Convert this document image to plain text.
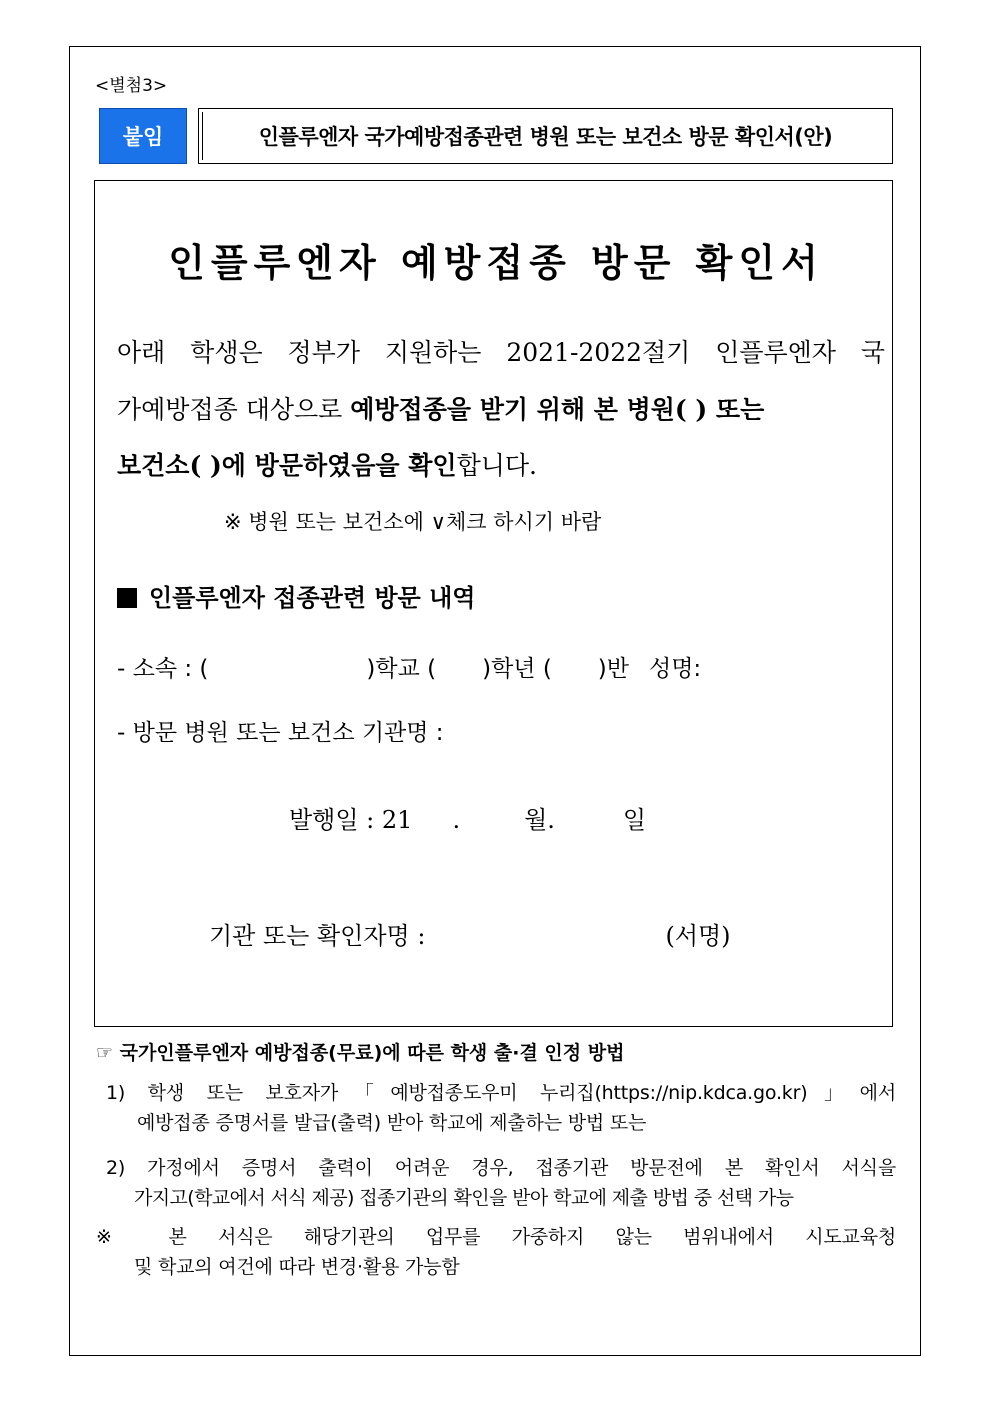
<별첨3>
붙임	인플루엔자 국가예방접종관련 병원 또는 보건소 방문 확인서(안)
인플루엔자 예방접종 방문 확인서
아래 학생은 정부가 지원하는 2021-2022절기 인플루엔자 국
가예방접종 대상으로 예방접종을 받기 위해 본 병원( ) 또는
보건소( )에 방문하였음을 확인합니다.
※ 병원 또는 보건소에 ∨체크 하시기 바람
인플루엔자 접종관련 방문 내역
- 소속 : (	)학교 ( )학년 ( )반 성명:
- 방문 병원 또는 보건소 기관명 :
발행일 : 21 .	월.	일
기관 또는 확인자명 :	(서명)
☞ 국가인플루엔자 예방접종(무료)에 따른 학생 출·결 인정 방법
1) 학생 또는 보호자가「예방접종도우미 누리집(https://nip.kdca.go.kr)」에서
예방접종 증명서를 발급(출력) 받아 학교에 제출하는 방법 또는
2) 가정에서 증명서 출력이 어려운 경우, 접종기관 방문전에 본 확인서 서식을
가지고(학교에서 서식 제공) 접종기관의 확인을 받아 학교에 제출 방법 중 선택 가능
※ 본 서식은 해당기관의 업무를 가중하지 않는 범위내에서 시도교육청
및 학교의 여건에 따라 변경·활용 가능함
